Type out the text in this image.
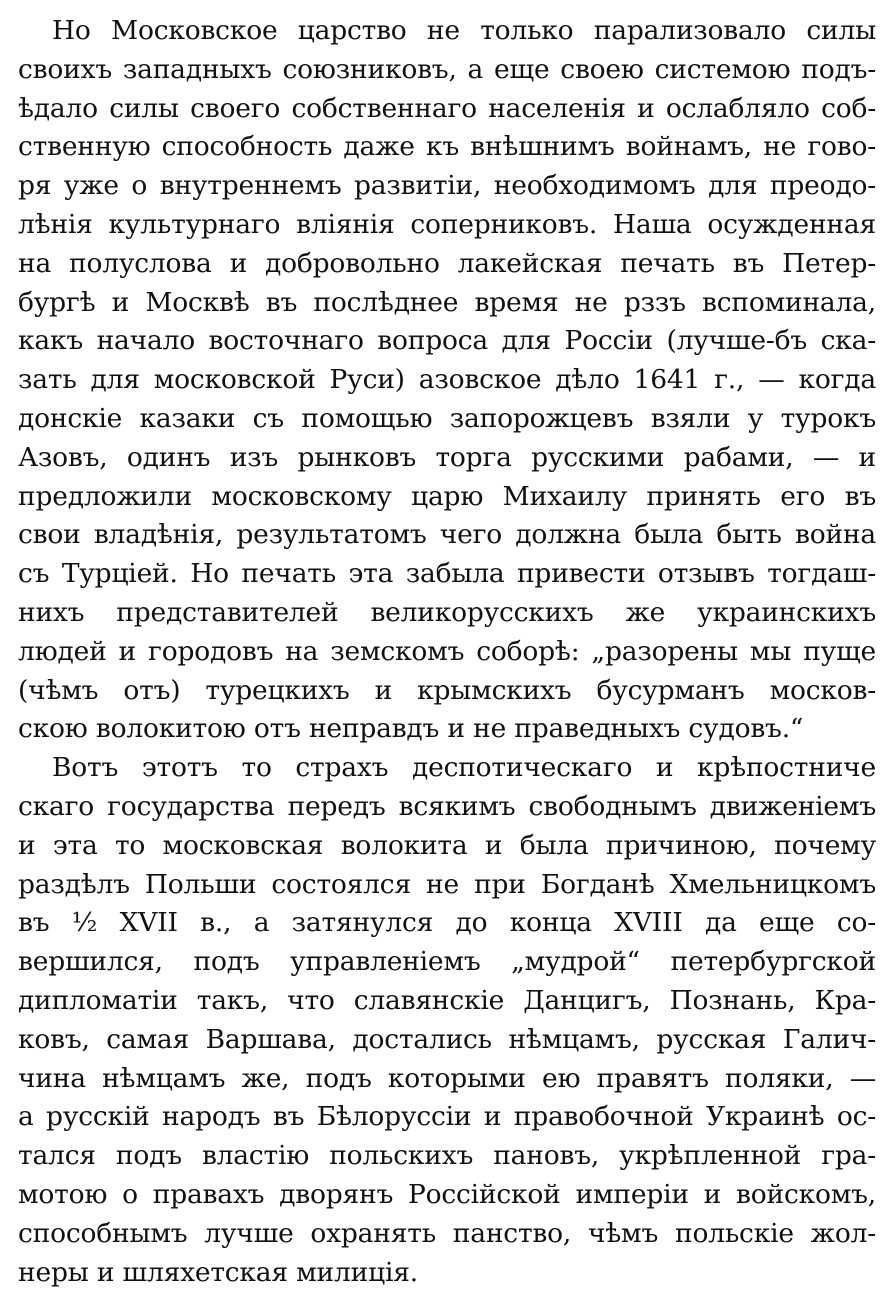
Но Московское царство не только парализовало силы
своихъ западныхъ союзниковъ, а еще своею системою подъ-
ѣдало силы своего собственнаго населенія и ослабляло соб-
ственную способность даже къ внѣшнимъ войнамъ, не гово-
ря уже о внутреннемъ развитіи, необходимомъ для преодо-
лѣнія культурнаго вліянія соперниковъ. Наша осужденная
на полуслова и добровольно лакейская печать въ Петер-
бургѣ и Москвѣ въ послѣднее время не рззъ вспоминала,
какъ начало восточнаго вопроса для Россіи (лучше-бъ ска-
зать для московской Руси) азовское дѣло 1641 г., — когда
донскіе казаки съ помощью запорожцевъ взяли у турокъ
Азовъ, одинъ изъ рынковъ торга русскими рабами, — и
предложили московскому царю Михаилу принять его въ
свои владѣнія, результатомъ чего должна была быть война
съ Турціей. Но печать эта забыла привести отзывъ тогдаш-
нихъ представителей великорусскихъ же украинскихъ
людей и городовъ на земскомъ соборѣ: „разорены мы пуще
(чѣмъ отъ) турецкихъ и крымскихъ бусурманъ москов-
скою волокитою отъ неправдъ и не праведныхъ судовъ.“
Вотъ этотъ то страхъ деспотическаго и крѣпостниче
скаго государства передъ всякимъ свободнымъ движеніемъ
и эта то московская волокита и была причиною, почему
раздѣлъ Польши состоялся не при Богданѣ Хмельницкомъ
въ ½ XVII в., а затянулся до конца XVIII да еще со-
вершился, подъ управленіемъ „мудрой“ петербургской
дипломатіи такъ, что славянскіе Данцигъ, Познань, Кра-
ковъ, самая Варшава, достались нѣмцамъ, русская Галич-
чина нѣмцамъ же, подъ которыми ею правятъ поляки, —
а русскій народъ въ Бѣлоруссіи и правобочной Украинѣ ос-
тался подъ властію польскихъ пановъ, укрѣпленной гра-
мотою о правахъ дворянъ Россійской имперіи и войскомъ,
способнымъ лучше охранять панство, чѣмъ польскіе жол-
неры и шляхетская милиція.
